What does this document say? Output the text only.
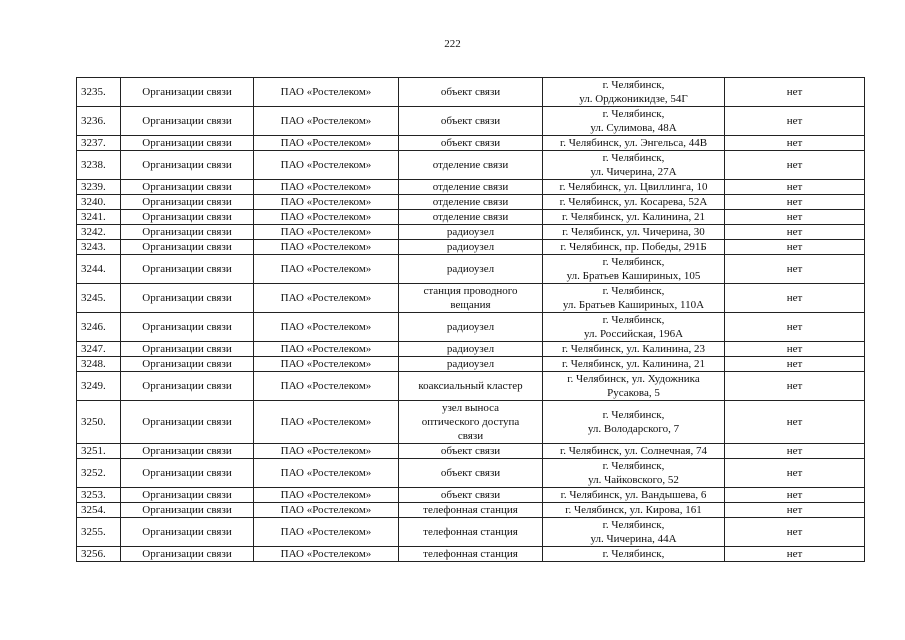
222
3235.	Организации связи	ПАО «Ростелеком»	объект связи	г. Челябинск,
ул. Орджоникидзе, 54Г	нет
3236.	Организации связи	ПАО «Ростелеком»	объект связи	г. Челябинск,
ул. Сулимова, 48А	нет
3237.	Организации связи	ПАО «Ростелеком»	объект связи	г. Челябинск, ул. Энгельса, 44В	нет
3238.	Организации связи	ПАО «Ростелеком»	отделение связи	г. Челябинск,
ул. Чичерина, 27А	нет
3239.	Организации связи	ПАО «Ростелеком»	отделение связи	г. Челябинск, ул. Цвиллинга, 10	нет
3240.	Организации связи	ПАО «Ростелеком»	отделение связи	г. Челябинск, ул. Косарева, 52А	нет
3241.	Организации связи	ПАО «Ростелеком»	отделение связи	г. Челябинск, ул. Калинина, 21	нет
3242.	Организации связи	ПАО «Ростелеком»	радиоузел	г. Челябинск, ул. Чичерина, 30	нет
3243.	Организации связи	ПАО «Ростелеком»	радиоузел	г. Челябинск, пр. Победы, 291Б	нет
3244.	Организации связи	ПАО «Ростелеком»	радиоузел	г. Челябинск,
ул. Братьев Кашириных, 105	нет
3245.	Организации связи	ПАО «Ростелеком»	станция проводного
вещания	г. Челябинск,
ул. Братьев Кашириных, 110А	нет
3246.	Организации связи	ПАО «Ростелеком»	радиоузел	г. Челябинск,
ул. Российская, 196А	нет
3247.	Организации связи	ПАО «Ростелеком»	радиоузел	г. Челябинск, ул. Калинина, 23	нет
3248.	Организации связи	ПАО «Ростелеком»	радиоузел	г. Челябинск, ул. Калинина, 21	нет
3249.	Организации связи	ПАО «Ростелеком»	коаксиальный кластер	г. Челябинск, ул. Художника
Русакова, 5	нет
3250.	Организации связи	ПАО «Ростелеком»	узел выноса
оптического доступа
связи	г. Челябинск,
ул. Володарского, 7	нет
3251.	Организации связи	ПАО «Ростелеком»	объект связи	г. Челябинск, ул. Солнечная, 74	нет
3252.	Организации связи	ПАО «Ростелеком»	объект связи	г. Челябинск,
ул. Чайковского, 52	нет
3253.	Организации связи	ПАО «Ростелеком»	объект связи	г. Челябинск, ул. Вандышева, 6	нет
3254.	Организации связи	ПАО «Ростелеком»	телефонная станция	г. Челябинск, ул. Кирова, 161	нет
3255.	Организации связи	ПАО «Ростелеком»	телефонная станция	г. Челябинск,
ул. Чичерина, 44А	нет
3256.	Организации связи	ПАО «Ростелеком»	телефонная станция	г. Челябинск,	нет
